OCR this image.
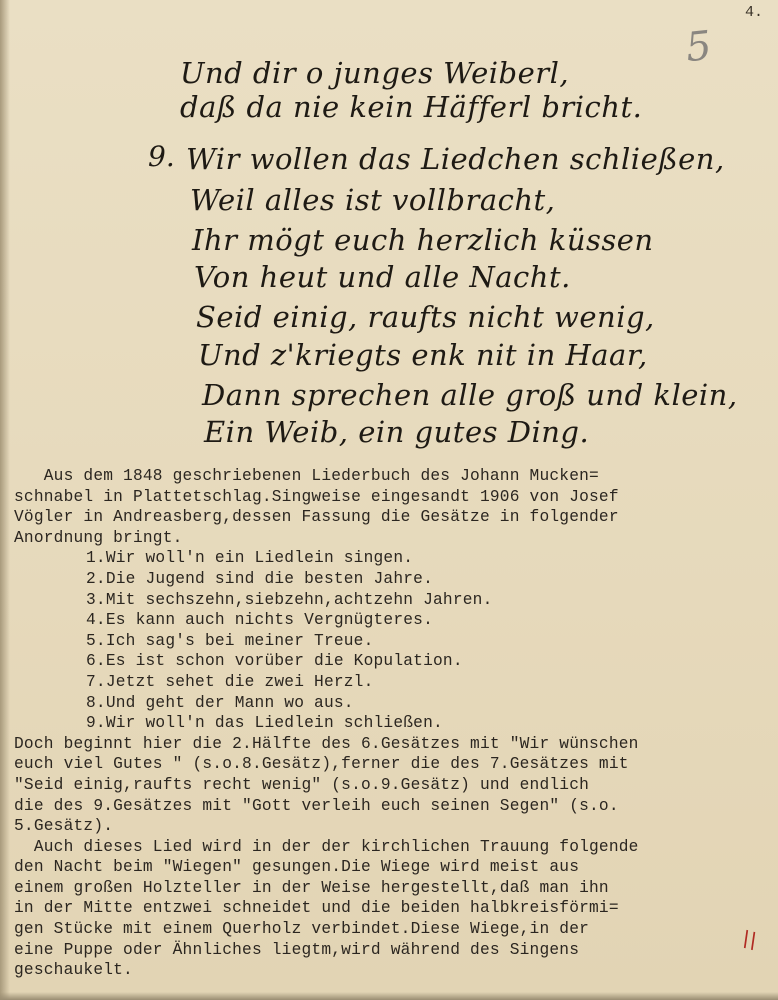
4.
5
Und dir o junges Weiberl,
daß da nie kein Häfferl bricht.
9. Wir wollen das Liedchen schließen,
Weil alles ist vollbracht,
Ihr mögt euch herzlich küssen
Von heut und alle Nacht.
Seid einig, raufts nicht wenig,
Und z'kriegts enk nit in Haar,
Dann sprechen alle groß und klein,
Ein Weib, ein gutes Ding.

Aus dem 1848 geschriebenen Liederbuch des Johann Mucken=

schnabel in Plattetschlag.Singweise eingesandt 1906 von Josef

Vögler in Andreasberg,dessen Fassung die Gesätze in folgender

Anordnung bringt.

1.Wir woll'n ein Liedlein singen.
2.Die Jugend sind die besten Jahre.
3.Mit sechszehn,siebzehn,achtzehn Jahren.
4.Es kann auch nichts Vergnügteres.
5.Ich sag's bei meiner Treue.
6.Es ist schon vorüber die Kopulation.
7.Jetzt sehet die zwei Herzl.
8.Und geht der Mann wo aus.
9.Wir woll'n das Liedlein schließen.

Doch beginnt hier die 2.Hälfte des 6.Gesätzes mit "Wir wünschen

euch viel Gutes " (s.o.8.Gesätz),ferner die des 7.Gesätzes mit

"Seid einig,raufts recht wenig" (s.o.9.Gesätz) und endlich

die des 9.Gesätzes mit "Gott verleih euch seinen Segen" (s.o.

5.Gesätz).

Auch dieses Lied wird in der der kirchlichen Trauung folgende

den Nacht beim "Wiegen" gesungen.Die Wiege wird meist aus

einem großen Holzteller in der Weise hergestellt,daß man ihn

in der Mitte entzwei schneidet und die beiden halbkreisförmi=

gen Stücke mit einem Querholz verbindet.Diese Wiege,in der

eine Puppe oder Ähnliches liegtm,wird während des Singens

geschaukelt.

\\
